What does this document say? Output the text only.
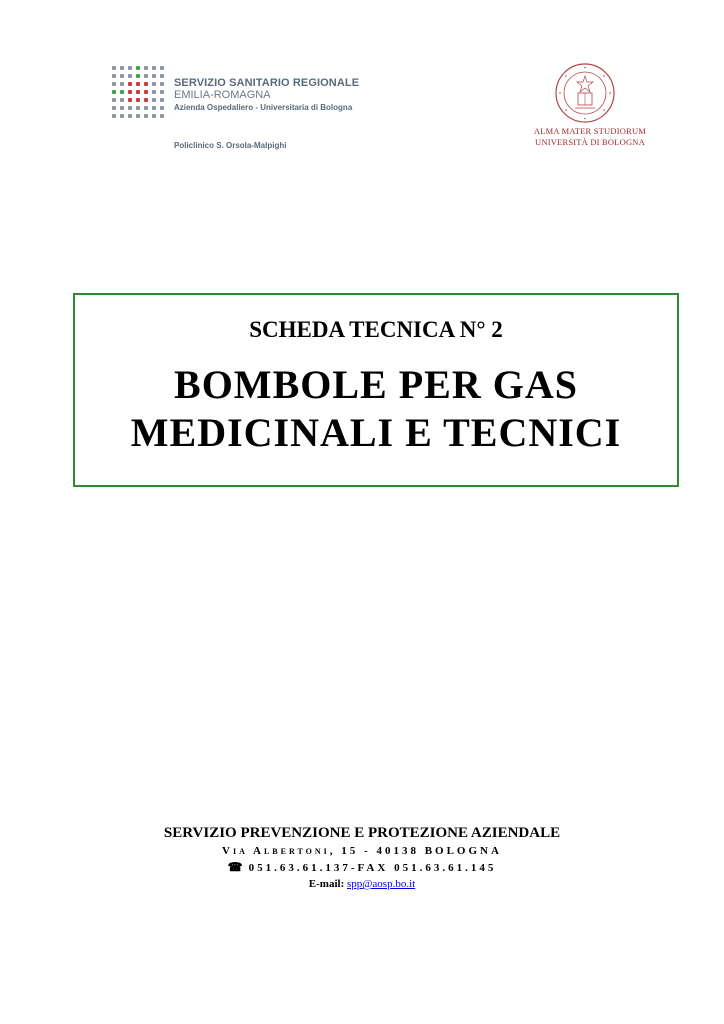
SERVIZIO SANITARIO REGIONALE
EMILIA-ROMAGNA
Azienda Ospedaliero - Universitaria di Bologna
Policlinico S. Orsola-Malpighi
ALMA MATER STUDIORUM
UNIVERSITÀ DI BOLOGNA
SCHEDA TECNICA N° 2
BOMBOLE PER GAS
MEDICINALI E TECNICI
SERVIZIO PREVENZIONE E PROTEZIONE AZIENDALE
Via Albertoni, 15 - 40138 BOLOGNA
☎ 051.63.61.137-FAX 051.63.61.145
E-mail: spp@aosp.bo.it
